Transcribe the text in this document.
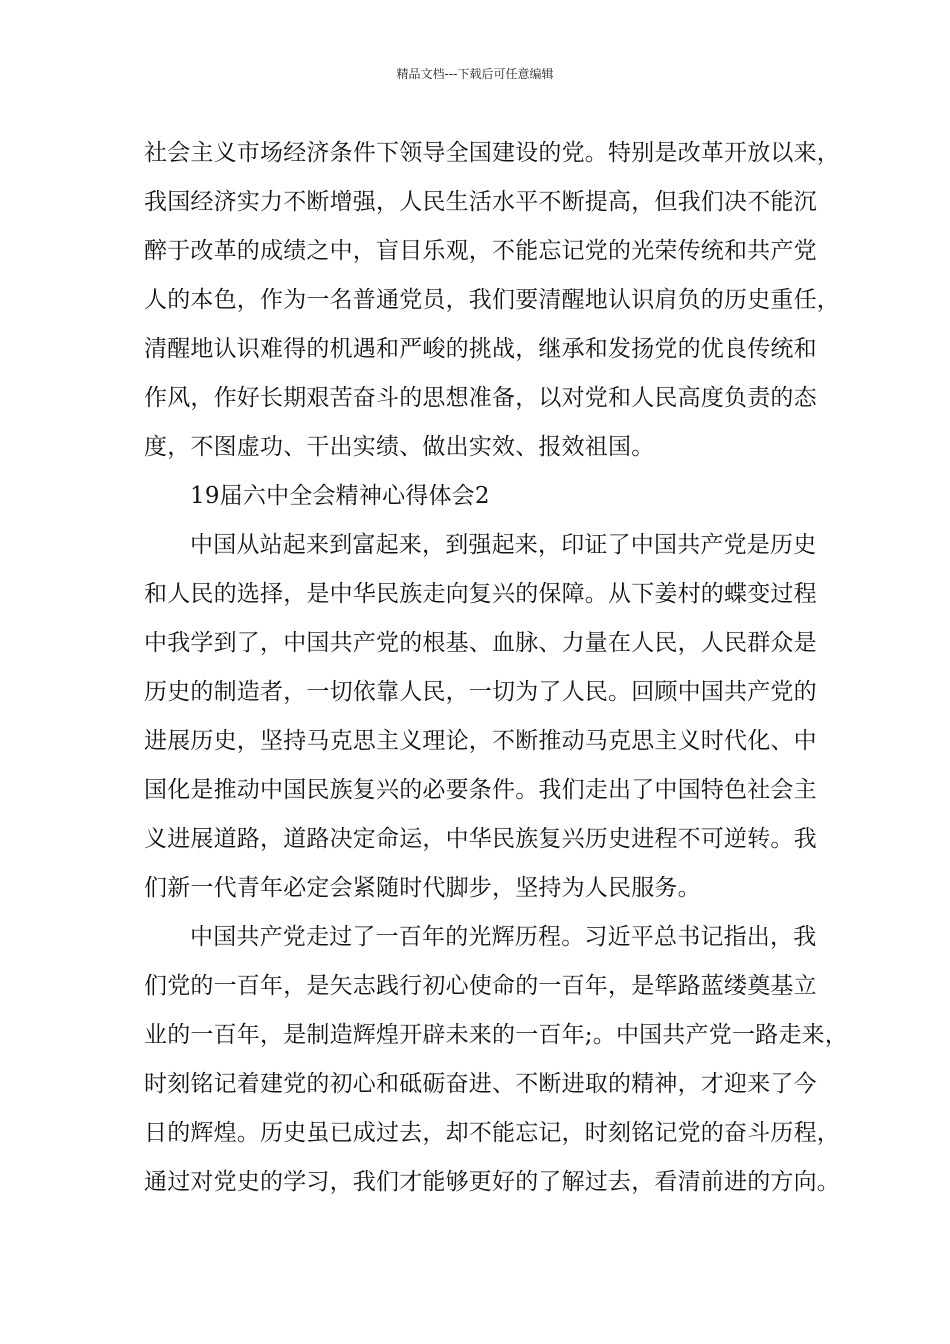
精品文档---下载后可任意编辑
社会主义市场经济条件下领导全国建设的党。特别是改革开放以来，
我国经济实力不断增强，人民生活水平不断提高，但我们决不能沉
醉于改革的成绩之中，盲目乐观，不能忘记党的光荣传统和共产党
人的本色，作为一名普通党员，我们要清醒地认识肩负的历史重任，
清醒地认识难得的机遇和严峻的挑战，继承和发扬党的优良传统和
作风，作好长期艰苦奋斗的思想准备，以对党和人民高度负责的态
度，不图虚功、干出实绩、做出实效、报效祖国。
19届六中全会精神心得体会2
中国从站起来到富起来，到强起来，印证了中国共产党是历史
和人民的选择，是中华民族走向复兴的保障。从下姜村的蝶变过程
中我学到了，中国共产党的根基、血脉、力量在人民，人民群众是
历史的制造者，一切依靠人民，一切为了人民。回顾中国共产党的
进展历史，坚持马克思主义理论，不断推动马克思主义时代化、中
国化是推动中国民族复兴的必要条件。我们走出了中国特色社会主
义进展道路，道路决定命运，中华民族复兴历史进程不可逆转。我
们新一代青年必定会紧随时代脚步，坚持为人民服务。
中国共产党走过了一百年的光辉历程。习近平总书记指出，我
们党的一百年，是矢志践行初心使命的一百年，是筚路蓝缕奠基立
业的一百年，是制造辉煌开辟未来的一百年;。中国共产党一路走来，
时刻铭记着建党的初心和砥砺奋进、不断进取的精神，才迎来了今
日的辉煌。历史虽已成过去，却不能忘记，时刻铭记党的奋斗历程，
通过对党史的学习，我们才能够更好的了解过去，看清前进的方向。
